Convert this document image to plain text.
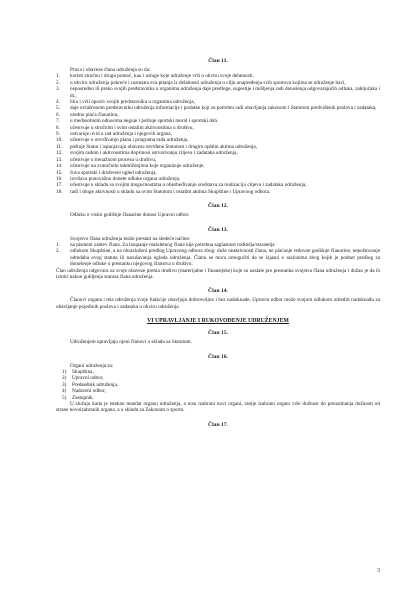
Član 11.

Prava i obaveze člana udruženja su da:

1.	koristi stručnu i drugu pomoć, kao i usluge koje udruženje vrši u okviru svoje delatnosti,
2.	u okviru udruženja pokreće i razmatra sva pitanja iz delatnosti udruženja u cilju unapređenja svih sportova kojima se udruženje bavi,
3.	neposredno ili preko svojih predstavnika u organima udruženja daje predloge, sugestije i mišljenja radi donošenja odgovarajućih odluka, zaključaka i dr.,
4.	bira i vrši opoziv svojih predstavnika u organima udruženja,
5.	daje ovlašćenom predstavniku udruženja informacije i podatke koji su potrebni radi obavljanja zakonom i Statutom predviđenih poslova i zadataka,
6.	uredno plaća članarinu,
7.	u međusobnim odnosima neguje i poštuje sportski moral i sportski duh.
8.	učestvuje u stručnim i svim ostalim aktivnostima u društvu,
9.	ostvaruje uvid u rad udruženja i njegovih organa,
10.	učestvuje u utvrđivanju plana i programa rada udruženja,
11.	poštuje Statut i ispunjavaju obaveze utvrđene Statutom i drugim opštim aktima udruženja,
12.	svojim radom i aktivnostima doprinosi ostvarivanju ciljeva i zadataka udruženja,
13.	učestvuje u trenažnom procesu u društvu,
14.	učestvuje na zvaničnim takmičenjima koje organizuje udruženje,
15.	čuva sportski i društveni ugled udruženja,
16.	izvršava punovažno donete odluke organa udruženja,
17.	učestvuje u skladu sa svojim mogućnostima u obezbeđivanju sredstava za realizaciju ciljeva i zadataka udruženja,
18.	radi i druge aktivnosti u skladu sa ovim Statutom i ostalim aktima Skupštine i Upravnog odbora.
Član 12.

Odluku o visini godišnje članarine donosi Upravni odbor.

Član 13.

Svojstvo člana udruženja može prestati na sledeće načine:

1.	na pismeni zahtev člana. Za istupanje maloletnog člana nije potrebna saglasnost roditelja/staratelja
2.	odlukom Skupštine, a na obrazloženi predlog Upravnog odbora zbog: duže neaktivnosti člana, ne plaćanje redovne godišnje članarine, nepoštovanje odredaba ovog statuta ili narušavanja ugleda udruženja. Članu se mora omogućiti da se izjasni o razlozima zbog kojih je podnet predlog za donošenje odluke o prestanku njegovog članstva u društvu.

Član udruženja odgovara za svoje obaveze prema društvu (materijalne i finansijske) koje su nastale pre prestanka svojstva člana udruženja i dužan je da ih izmiri nakon gubljenja statusa člana udruženja.

Član 14.

Članovi organa i tela udruženja svoje funkcije obavljaju dobrovoljno i bez nadoknade. Upravni odbor može svojom odlukom odrediti nadoknadu za obavljanje pojedinih poslova i zadataka u okviru udruženja.

VI UPRAVLJANJE I RUKOVOĐENJE UDRUŽENJEM
Član 15.

Udruženjem upravljaju njeni članovi u skladu sa Statutom.

Član 16.

Organi udruženja su:

1)	Skupština,
2)	Upravni odbor,
3)	Predsednik udruženja,
4)	Nadzorni odbor,
5)	Zastupnik.

U slučaju kada je istekao mandat organu udruženja, a nisu izabrani novi organi, ranije izabrani organi vrše dužnost do preuzimanja dužnosti od strane novoizabranih organa, a u skladu sa Zakonom o sportu.

Član 17.
3
